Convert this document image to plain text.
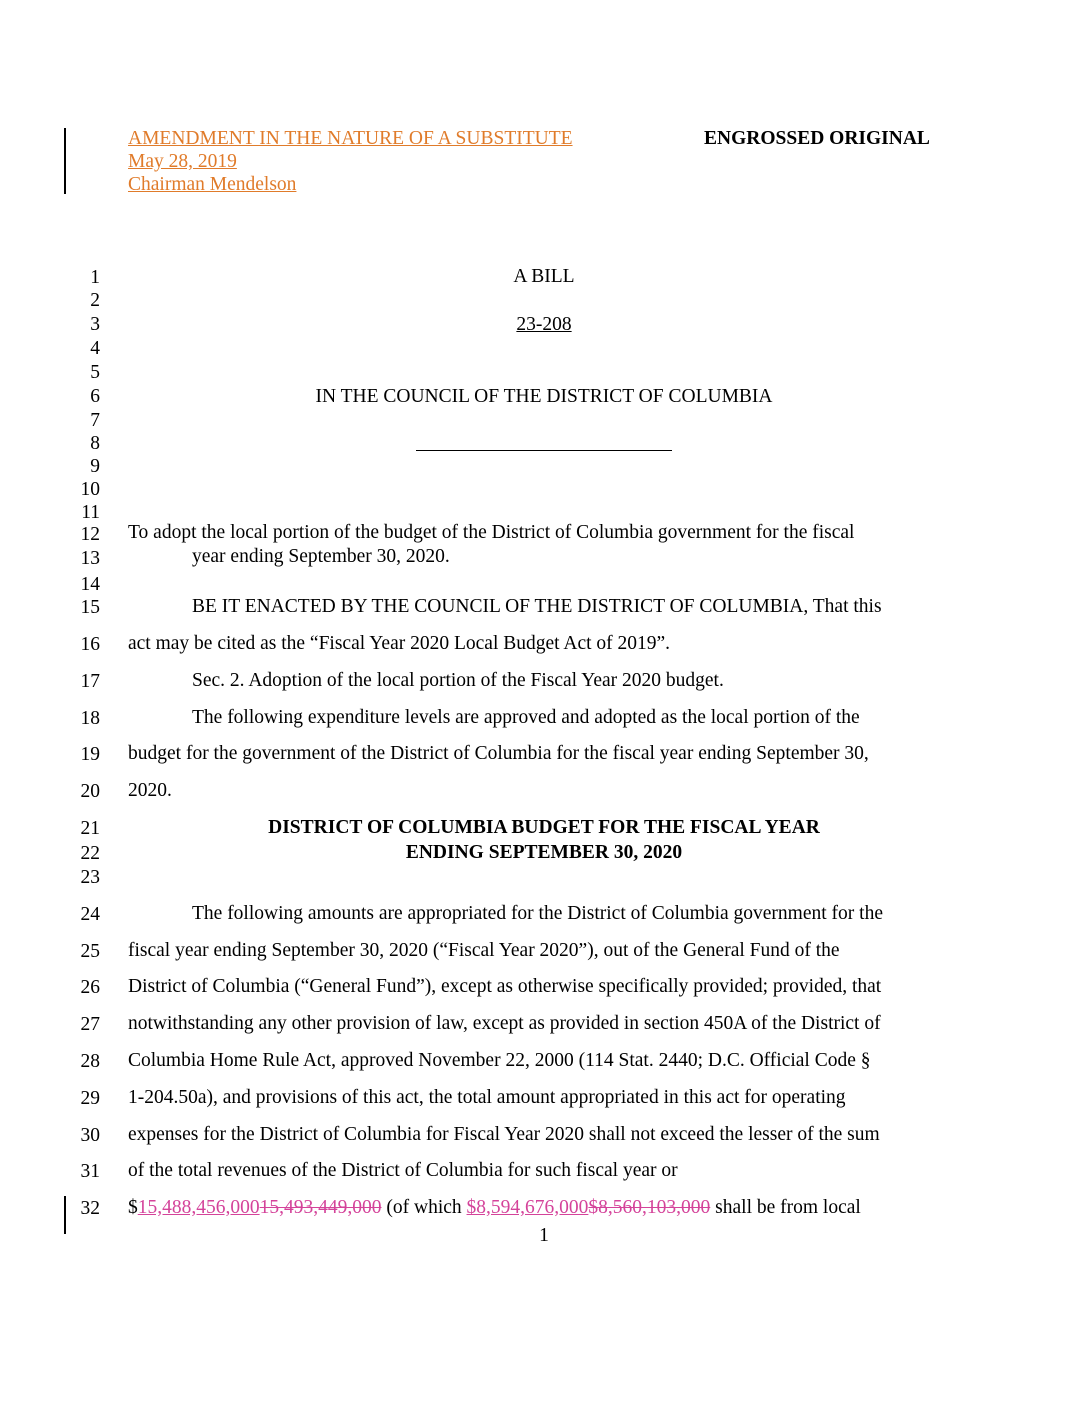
AMENDMENT IN THE NATURE OF A SUBSTITUTE
May 28, 2019
Chairman Mendelson
ENGROSSED ORIGINAL
1
2
3
4
5
6
7
8
9
10
11
12
13
14
15
16
17
18
19
20
21
22
23
24
25
26
27
28
29
30
31
32
A BILL
23-208
IN THE COUNCIL OF THE DISTRICT OF COLUMBIA
To adopt the local portion of the budget of the District of Columbia government for the fiscal
year ending September 30, 2020.
BE IT ENACTED BY THE COUNCIL OF THE DISTRICT OF COLUMBIA, That this
act may be cited as the “Fiscal Year 2020 Local Budget Act of 2019”.
Sec. 2. Adoption of the local portion of the Fiscal Year 2020 budget.
The following expenditure levels are approved and adopted as the local portion of the
budget for the government of the District of Columbia for the fiscal year ending September 30,
2020.
DISTRICT OF COLUMBIA BUDGET FOR THE FISCAL YEAR
ENDING SEPTEMBER 30, 2020
The following amounts are appropriated for the District of Columbia government for the
fiscal year ending September 30, 2020 (“Fiscal Year 2020”), out of the General Fund of the
District of Columbia (“General Fund”), except as otherwise specifically provided; provided, that
notwithstanding any other provision of law, except as provided in section 450A of the District of
Columbia Home Rule Act, approved November 22, 2000 (114 Stat. 2440; D.C. Official Code §
1-204.50a), and provisions of this act, the total amount appropriated in this act for operating
expenses for the District of Columbia for Fiscal Year 2020 shall not exceed the lesser of the sum
of the total revenues of the District of Columbia for such fiscal year or
$15,488,456,00015,493,449,000 (of which $8,594,676,000$8,560,103,000 shall be from local
1
